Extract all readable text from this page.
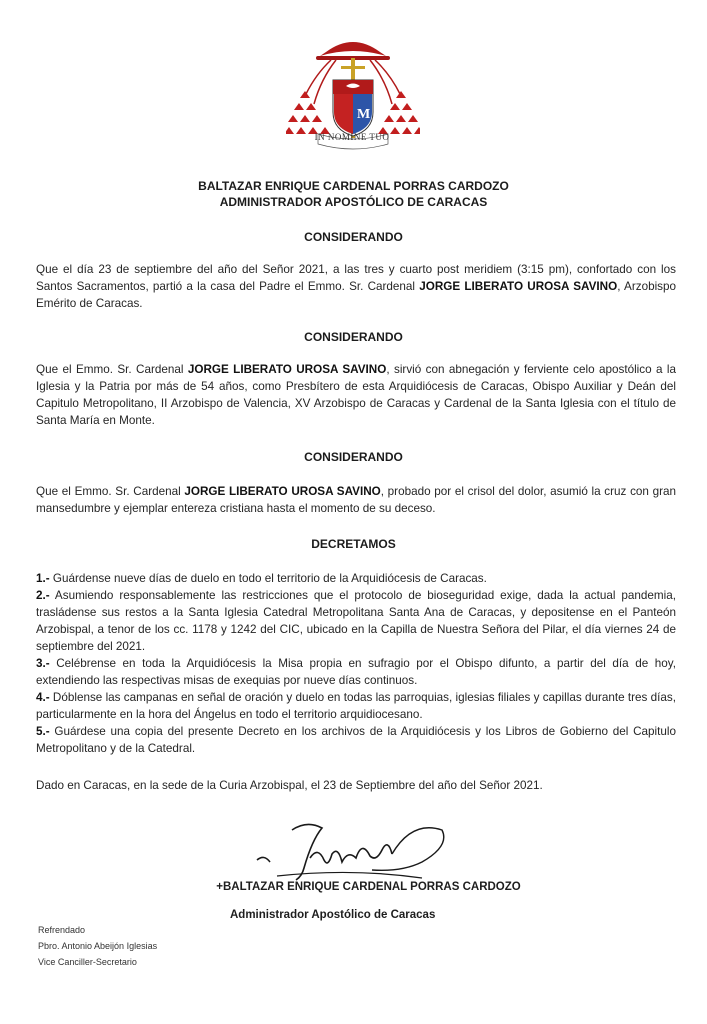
M
IN NOMINE TUO
BALTAZAR ENRIQUE CARDENAL PORRAS CARDOZO
ADMINISTRADOR APOSTÓLICO DE CARACAS
CONSIDERANDO
Que el día 23 de septiembre del año del Señor 2021, a las tres y cuarto post meridiem (3:15 pm), confortado con los Santos Sacramentos, partió a la casa del Padre el Emmo. Sr. Cardenal JORGE LIBERATO UROSA SAVINO, Arzobispo Emérito de Caracas.
CONSIDERANDO
Que el Emmo. Sr. Cardenal JORGE LIBERATO UROSA SAVINO, sirvió con abnegación y ferviente celo apostólico a la Iglesia y la Patria por más de 54 años, como Presbítero de esta Arquidiócesis de Caracas, Obispo Auxiliar y Deán del Capitulo Metropolitano, II Arzobispo de Valencia, XV Arzobispo de Caracas y Cardenal de la Santa Iglesia con el título de Santa María en Monte.
CONSIDERANDO
Que el Emmo. Sr. Cardenal JORGE LIBERATO UROSA SAVINO, probado por el crisol del dolor, asumió la cruz con gran mansedumbre y ejemplar entereza cristiana hasta el momento de su deceso.
DECRETAMOS

1.- Guárdense nueve días de duelo en todo el territorio de la Arquidiócesis de Caracas.

2.- Asumiendo responsablemente las restricciones que el protocolo de bioseguridad exige, dada la actual pandemia, trasládense sus restos a la Santa Iglesia Catedral Metropolitana Santa Ana de Caracas, y depositense en el Panteón Arzobispal, a tenor de los cc. 1178 y 1242 del CIC, ubicado en la Capilla de Nuestra Señora del Pilar, el día viernes 24 de septiembre del 2021.

3.- Celébrense en toda la Arquidiócesis la Misa propia en sufragio por el Obispo difunto, a partir del día de hoy, extendiendo las respectivas misas de exequias por nueve días continuos.

4.- Dóblense las campanas en señal de oración y duelo en todas las parroquias, iglesias filiales y capillas durante tres días, particularmente en la hora del Ángelus en todo el territorio arquidiocesano.

5.- Guárdese una copia del presente Decreto en los archivos de la Arquidiócesis y los Libros de Gobierno del Capitulo Metropolitano y de la Catedral.

Dado en Caracas, en la sede de la Curia Arzobispal, el 23 de Septiembre del año del Señor 2021.
+BALTAZAR ENRIQUE CARDENAL PORRAS CARDOZO
Administrador Apostólico de Caracas
Refrendado
Pbro. Antonio Abeijón Iglesias
Vice Canciller-Secretario
